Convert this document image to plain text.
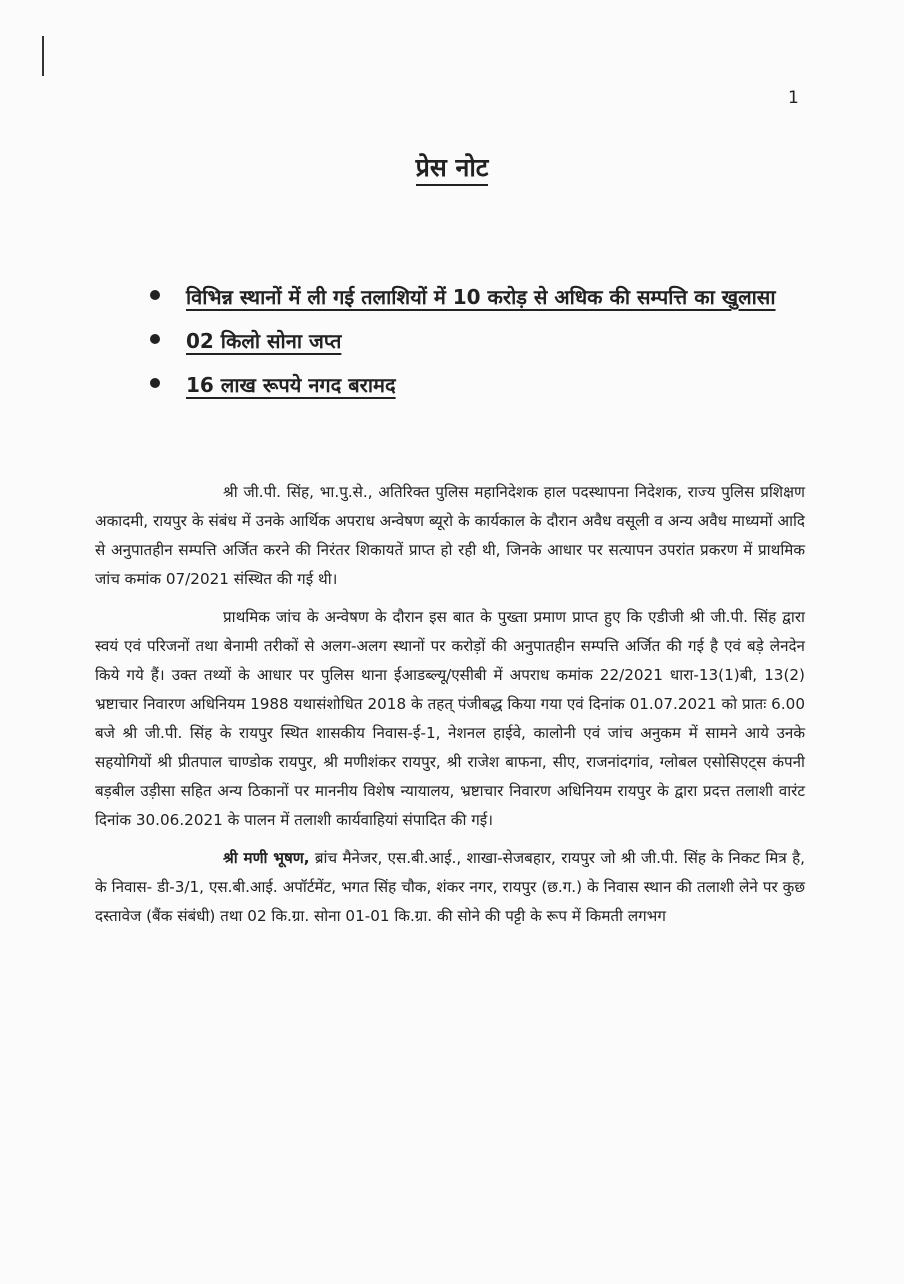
1
प्रेस नोट
विभिन्न स्थानों में ली गई तलाशियों में 10 करोड़ से अधिक की सम्पत्ति का खुलासा
02 किलो सोना जप्त
16 लाख रूपये नगद बरामद

श्री जी.पी. सिंह, भा.पु.से., अतिरिक्त पुलिस महानिदेशक हाल पदस्थापना निदेशक, राज्य पुलिस प्रशिक्षण अकादमी, रायपुर के संबंध में उनके आर्थिक अपराध अन्वेषण ब्यूरो के कार्यकाल के दौरान अवैध वसूली व अन्य अवैध माध्यमों आदि से अनुपातहीन सम्पत्ति अर्जित करने की निरंतर शिकायतें प्राप्त हो रही थी, जिनके आधार पर सत्यापन उपरांत प्रकरण में प्राथमिक जांच कमांक 07/2021 संस्थित की गई थी।

प्राथमिक जांच के अन्वेषण के दौरान इस बात के पुख्ता प्रमाण प्राप्त हुए कि एडीजी श्री जी.पी. सिंह द्वारा स्वयं एवं परिजनों तथा बेनामी तरीकों से अलग-अलग स्थानों पर करोड़ों की अनुपातहीन सम्पत्ति अर्जित की गई है एवं बड़े लेनदेन किये गये हैं। उक्त तथ्यों के आधार पर पुलिस थाना ईआडब्ल्यू/एसीबी में अपराध कमांक 22/2021 धारा-13(1)बी, 13(2) भ्रष्टाचार निवारण अधिनियम 1988 यथासंशोधित 2018 के तहत् पंजीबद्ध किया गया एवं दिनांक 01.07.2021 को प्रातः 6.00 बजे श्री जी.पी. सिंह के रायपुर स्थित शासकीय निवास-ई-1, नेशनल हाईवे, कालोनी एवं जांच अनुकम में सामने आये उनके सहयोगियों श्री प्रीतपाल चाण्डोक रायपुर, श्री मणीशंकर रायपुर, श्री राजेश बाफना, सीए, राजनांदगांव, ग्लोबल एसोसिएट्स कंपनी बड़बील उड़ीसा सहित अन्य ठिकानों पर माननीय विशेष न्यायालय, भ्रष्टाचार निवारण अधिनियम रायपुर के द्वारा प्रदत्त तलाशी वारंट दिनांक 30.06.2021 के पालन में तलाशी कार्यवाहियां संपादित की गई।

श्री मणी भूषण, ब्रांच मैनेजर, एस.बी.आई., शाखा-सेजबहार, रायपुर जो श्री जी.पी. सिंह के निकट मित्र है, के निवास- डी-3/1, एस.बी.आई. अपॉर्टमेंट, भगत सिंह चौक, शंकर नगर, रायपुर (छ.ग.) के निवास स्थान की तलाशी लेने पर कुछ दस्तावेज (बैंक संबंधी) तथा 02 कि.ग्रा. सोना 01-01 कि.ग्रा. की सोने की पट्टी के रूप में किमती लगभग
